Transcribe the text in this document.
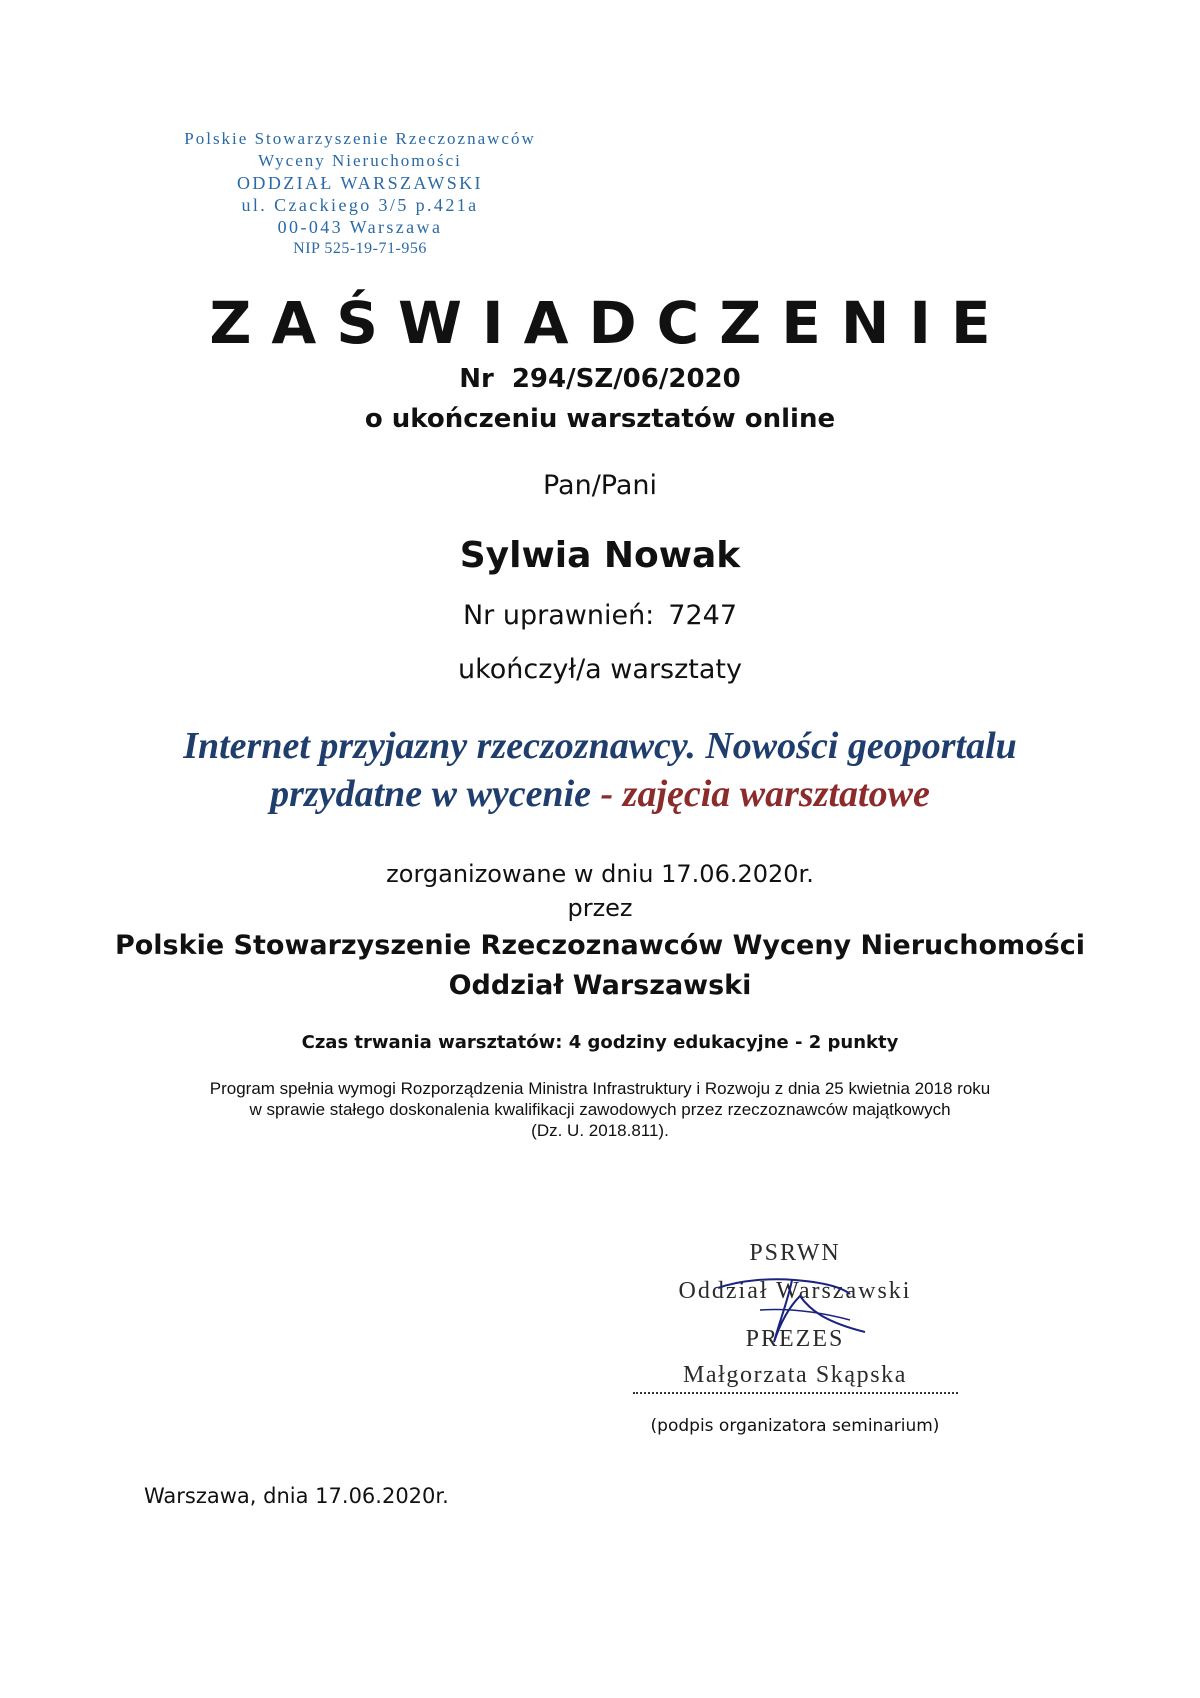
Polskie Stowarzyszenie Rzeczoznawców
Wyceny Nieruchomości
ODDZIAŁ WARSZAWSKI
ul. Czackiego 3/5 p.421a
00-043 Warszawa
NIP 525-19-71-956
ZAŚWIADCZENIE
Nr 294/SZ/06/2020
o ukończeniu warsztatów online
Pan/Pani
Sylwia Nowak
Nr uprawnień: 7247
ukończył/a warsztaty
Internet przyjazny rzeczoznawcy. Nowości geoportalu
przydatne w wycenie - zajęcia warsztatowe
zorganizowane w dniu 17.06.2020r.
przez
Polskie Stowarzyszenie Rzeczoznawców Wyceny Nieruchomości
Oddział Warszawski
Czas trwania warsztatów: 4 godziny edukacyjne - 2 punkty
Program spełnia wymogi Rozporządzenia Ministra Infrastruktury i Rozwoju z dnia 25 kwietnia 2018 roku
w sprawie stałego doskonalenia kwalifikacji zawodowych przez rzeczoznawców majątkowych
(Dz. U. 2018.811).
PSRWN
Oddział Warszawski
PREZES
Małgorzata Skąpska
(podpis organizatora seminarium)
Warszawa, dnia 17.06.2020r.
